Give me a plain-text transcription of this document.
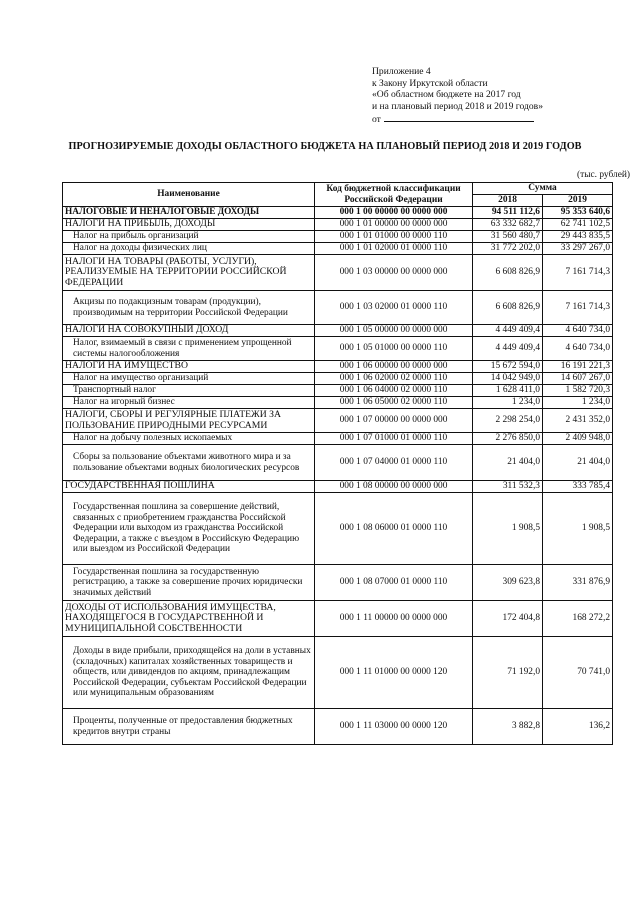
Приложение 4
к Закону Иркутской области
«Об областном бюджете на 2017 год
и на плановый период 2018 и 2019 годов»
от
ПРОГНОЗИРУЕМЫЕ ДОХОДЫ ОБЛАСТНОГО БЮДЖЕТА НА ПЛАНОВЫЙ ПЕРИОД 2018 И 2019 ГОДОВ
(тыс. рублей)
Наименование	Код бюджетной классификации Российской Федерации	Сумма	
		2018	2019
НАЛОГОВЫЕ И НЕНАЛОГОВЫЕ ДОХОДЫ	000 1 00 00000 00 0000 000	94 511 112,6	95 353 640,6
НАЛОГИ НА ПРИБЫЛЬ, ДОХОДЫ	000 1 01 00000 00 0000 000	63 332 682,7	62 741 102,5
Налог на прибыль организаций	000 1 01 01000 00 0000 110	31 560 480,7	29 443 835,5
Налог на доходы физических лиц	000 1 01 02000 01 0000 110	31 772 202,0	33 297 267,0
НАЛОГИ НА ТОВАРЫ (РАБОТЫ, УСЛУГИ), РЕАЛИЗУЕМЫЕ НА ТЕРРИТОРИИ РОССИЙСКОЙ ФЕДЕРАЦИИ	000 1 03 00000 00 0000 000	6 608 826,9	7 161 714,3
Акцизы по подакцизным товарам (продукции), производимым на территории Российской Федерации	000 1 03 02000 01 0000 110	6 608 826,9	7 161 714,3
НАЛОГИ НА СОВОКУПНЫЙ ДОХОД	000 1 05 00000 00 0000 000	4 449 409,4	4 640 734,0
Налог, взимаемый в связи с применением упрощенной системы налогообложения	000 1 05 01000 00 0000 110	4 449 409,4	4 640 734,0
НАЛОГИ НА ИМУЩЕСТВО	000 1 06 00000 00 0000 000	15 672 594,0	16 191 221,3
Налог на имущество организаций	000 1 06 02000 02 0000 110	14 042 949,0	14 607 267,0
Транспортный налог	000 1 06 04000 02 0000 110	1 628 411,0	1 582 720,3
Налог на игорный бизнес	000 1 06 05000 02 0000 110	1 234,0	1 234,0
НАЛОГИ, СБОРЫ И РЕГУЛЯРНЫЕ ПЛАТЕЖИ ЗА ПОЛЬЗОВАНИЕ ПРИРОДНЫМИ РЕСУРСАМИ	000 1 07 00000 00 0000 000	2 298 254,0	2 431 352,0
Налог на добычу полезных ископаемых	000 1 07 01000 01 0000 110	2 276 850,0	2 409 948,0
Сборы за пользование объектами животного мира и за пользование объектами водных биологических ресурсов	000 1 07 04000 01 0000 110	21 404,0	21 404,0
ГОСУДАРСТВЕННАЯ ПОШЛИНА	000 1 08 00000 00 0000 000	311 532,3	333 785,4
Государственная пошлина за совершение действий, связанных с приобретением гражданства Российской Федерации или выходом из гражданства Российской Федерации, а также с въездом в Российскую Федерацию или выездом из Российской Федерации	000 1 08 06000 01 0000 110	1 908,5	1 908,5
Государственная пошлина за государственную регистрацию, а также за совершение прочих юридически значимых действий	000 1 08 07000 01 0000 110	309 623,8	331 876,9
ДОХОДЫ ОТ ИСПОЛЬЗОВАНИЯ ИМУЩЕСТВА, НАХОДЯЩЕГОСЯ В ГОСУДАРСТВЕННОЙ И МУНИЦИПАЛЬНОЙ СОБСТВЕННОСТИ	000 1 11 00000 00 0000 000	172 404,8	168 272,2
Доходы в виде прибыли, приходящейся на доли в уставных (складочных) капиталах хозяйственных товариществ и обществ, или дивидендов по акциям, принадлежащим Российской Федерации, субъектам Российской Федерации или муниципальным образованиям	000 1 11 01000 00 0000 120	71 192,0	70 741,0
Проценты, полученные от предоставления бюджетных кредитов внутри страны	000 1 11 03000 00 0000 120	3 882,8	136,2
